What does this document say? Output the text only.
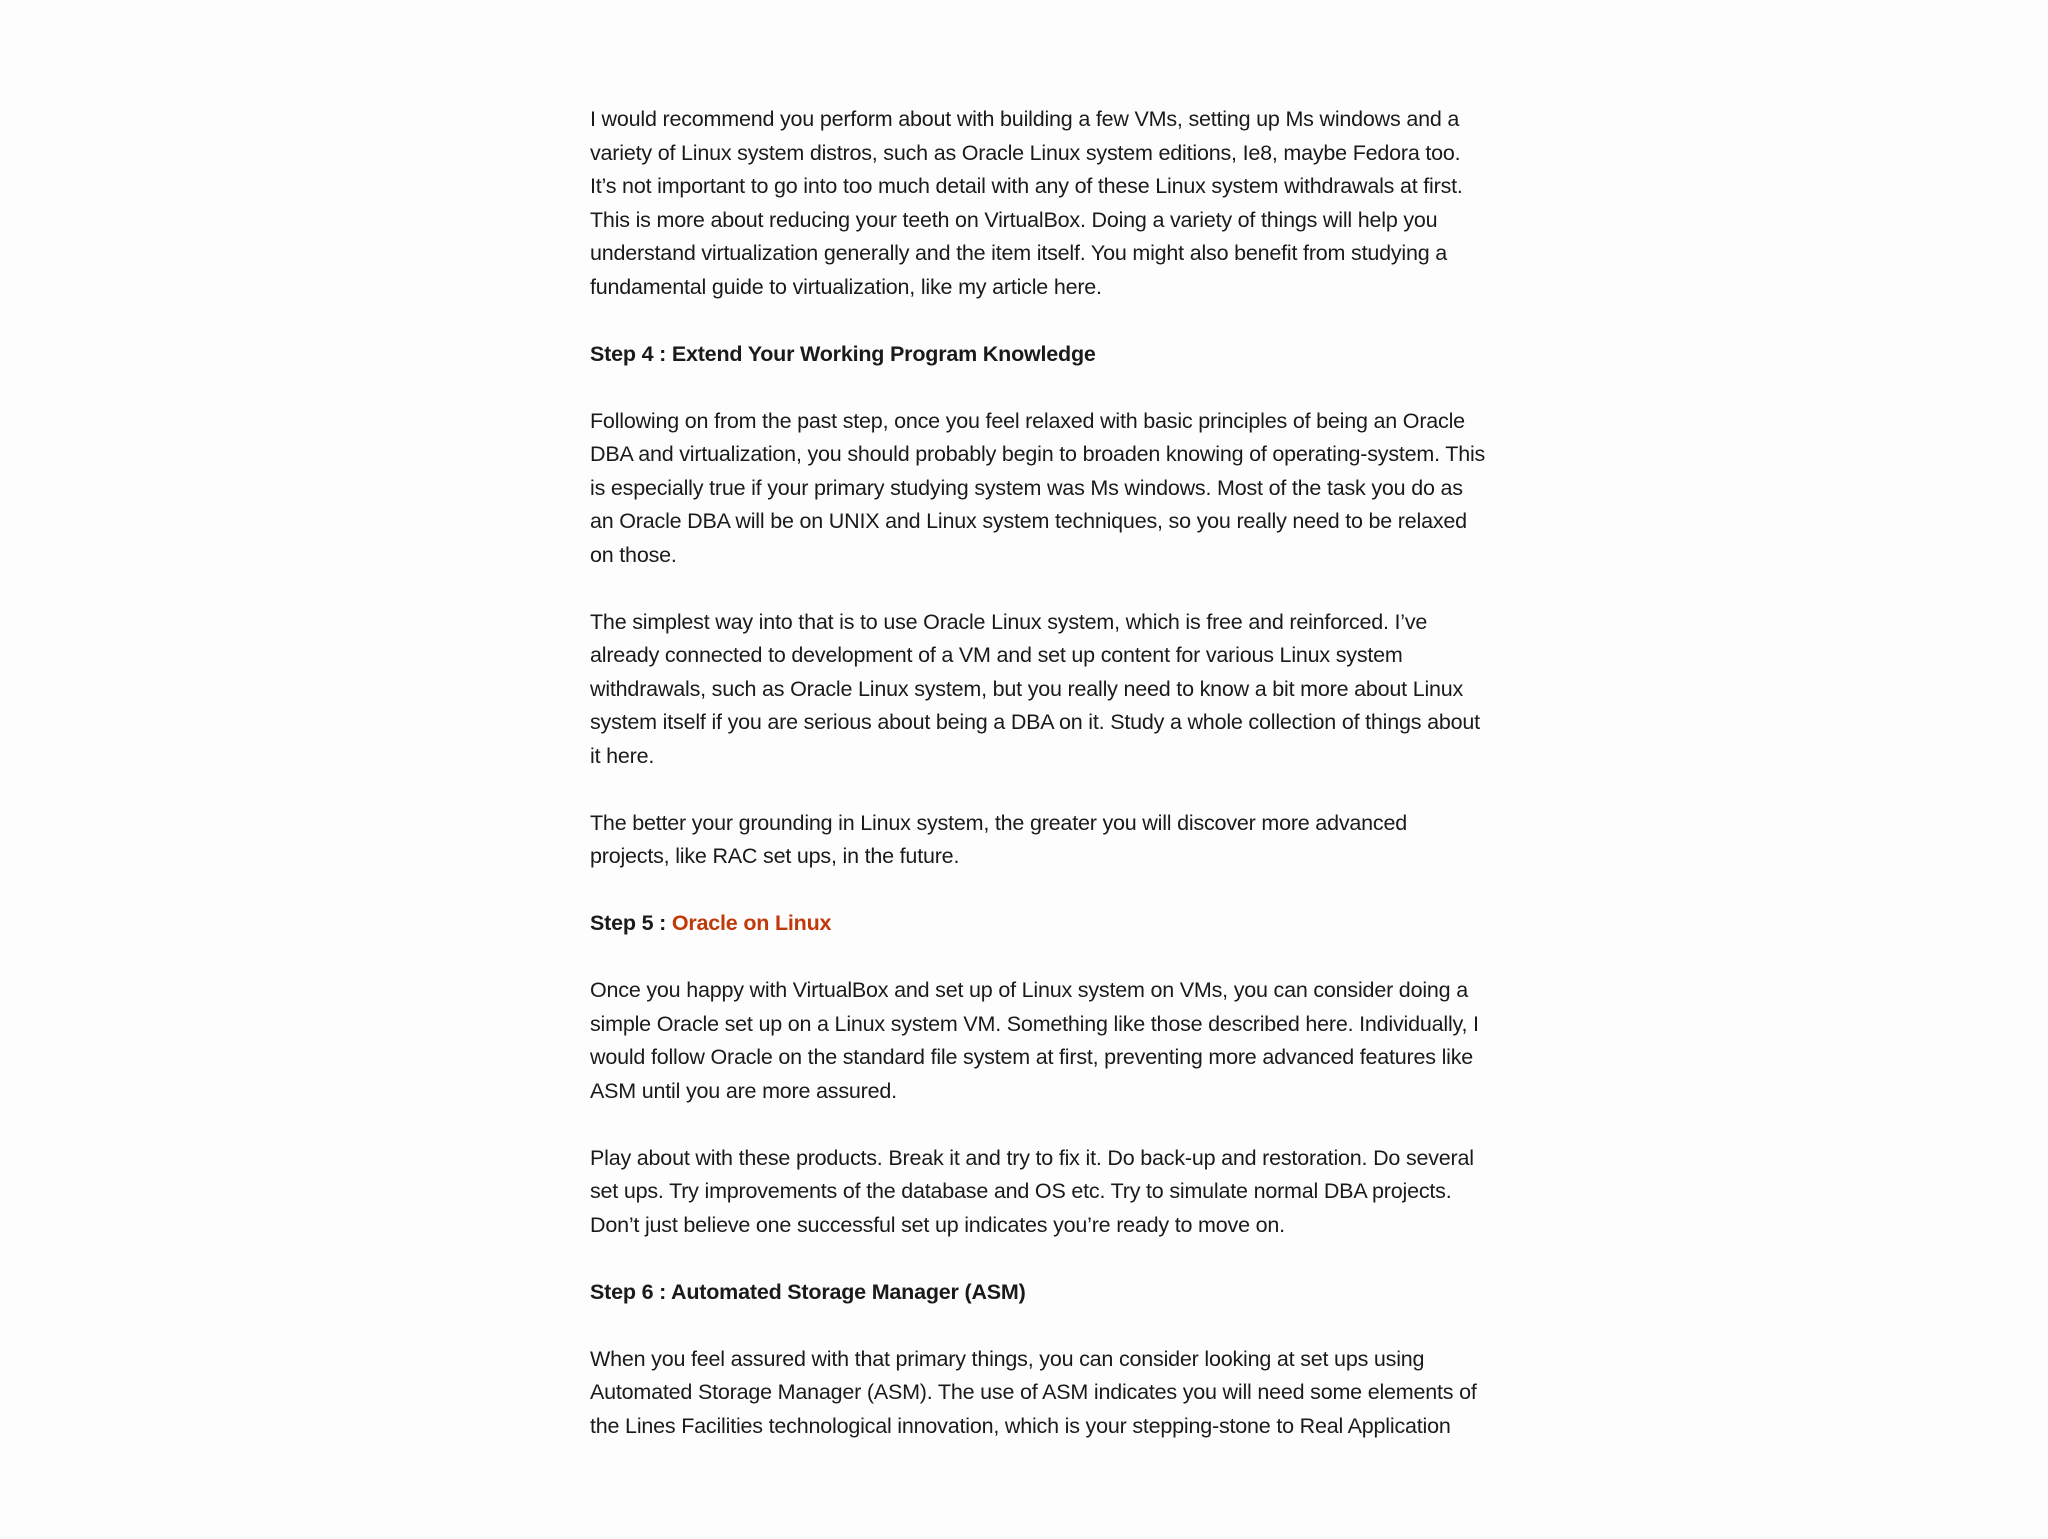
I would recommend you perform about with building a few VMs, setting up Ms windows and a variety of Linux system distros, such as Oracle Linux system editions, Ie8, maybe Fedora too. It’s not important to go into too much detail with any of these Linux system withdrawals at first. This is more about reducing your teeth on VirtualBox. Doing a variety of things will help you understand virtualization generally and the item itself. You might also benefit from studying a fundamental guide to virtualization, like my article here.

Step 4 : Extend Your Working Program Knowledge

Following on from the past step, once you feel relaxed with basic principles of being an Oracle DBA and virtualization, you should probably begin to broaden knowing of operating-system. This is especially true if your primary studying system was Ms windows. Most of the task you do as an Oracle DBA will be on UNIX and Linux system techniques, so you really need to be relaxed on those.

The simplest way into that is to use Oracle Linux system, which is free and reinforced. I’ve already connected to development of a VM and set up content for various Linux system withdrawals, such as Oracle Linux system, but you really need to know a bit more about Linux system itself if you are serious about being a DBA on it. Study a whole collection of things about it here.

The better your grounding in Linux system, the greater you will discover more advanced projects, like RAC set ups, in the future.

Step 5 : Oracle on Linux

Once you happy with VirtualBox and set up of Linux system on VMs, you can consider doing a simple Oracle set up on a Linux system VM. Something like those described here. Individually, I would follow Oracle on the standard file system at first, preventing more advanced features like ASM until you are more assured.

Play about with these products. Break it and try to fix it. Do back-up and restoration. Do several set ups. Try improvements of the database and OS etc. Try to simulate normal DBA projects. Don’t just believe one successful set up indicates you’re ready to move on.

Step 6 : Automated Storage Manager (ASM)

When you feel assured with that primary things, you can consider looking at set ups using Automated Storage Manager (ASM). The use of ASM indicates you will need some elements of the Lines Facilities technological innovation, which is your stepping-stone to Real Application
